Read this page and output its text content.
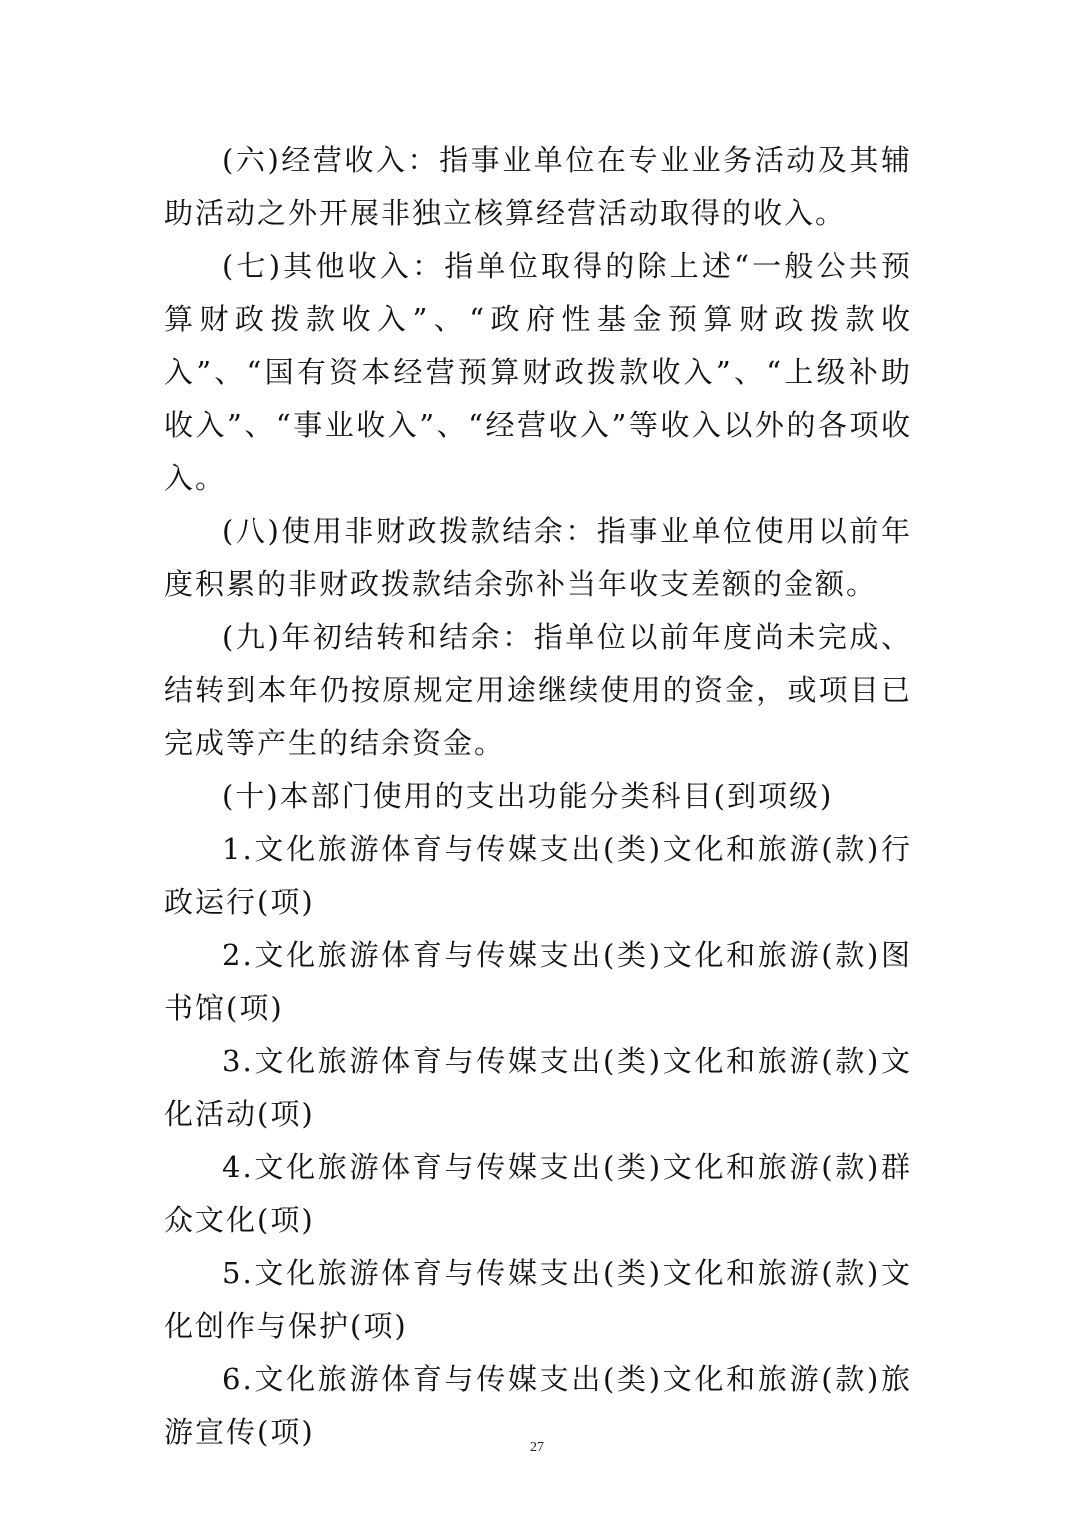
(六)经营收入：指事业单位在专业业务活动及其辅助活动之外开展非独立核算经营活动取得的收入。

(七)其他收入：指单位取得的除上述“一般公共预算财政拨款收入”、“政府性基金预算财政拨款收入”、“国有资本经营预算财政拨款收入”、“上级补助收入”、“事业收入”、“经营收入”等收入以外的各项收入。

(八)使用非财政拨款结余：指事业单位使用以前年度积累的非财政拨款结余弥补当年收支差额的金额。

(九)年初结转和结余：指单位以前年度尚未完成、结转到本年仍按原规定用途继续使用的资金，或项目已完成等产生的结余资金。

(十)本部门使用的支出功能分类科目(到项级)

1.文化旅游体育与传媒支出(类)文化和旅游(款)行政运行(项)

2.文化旅游体育与传媒支出(类)文化和旅游(款)图书馆(项)

3.文化旅游体育与传媒支出(类)文化和旅游(款)文化活动(项)

4.文化旅游体育与传媒支出(类)文化和旅游(款)群众文化(项)

5.文化旅游体育与传媒支出(类)文化和旅游(款)文化创作与保护(项)

6.文化旅游体育与传媒支出(类)文化和旅游(款)旅游宣传(项)	27
